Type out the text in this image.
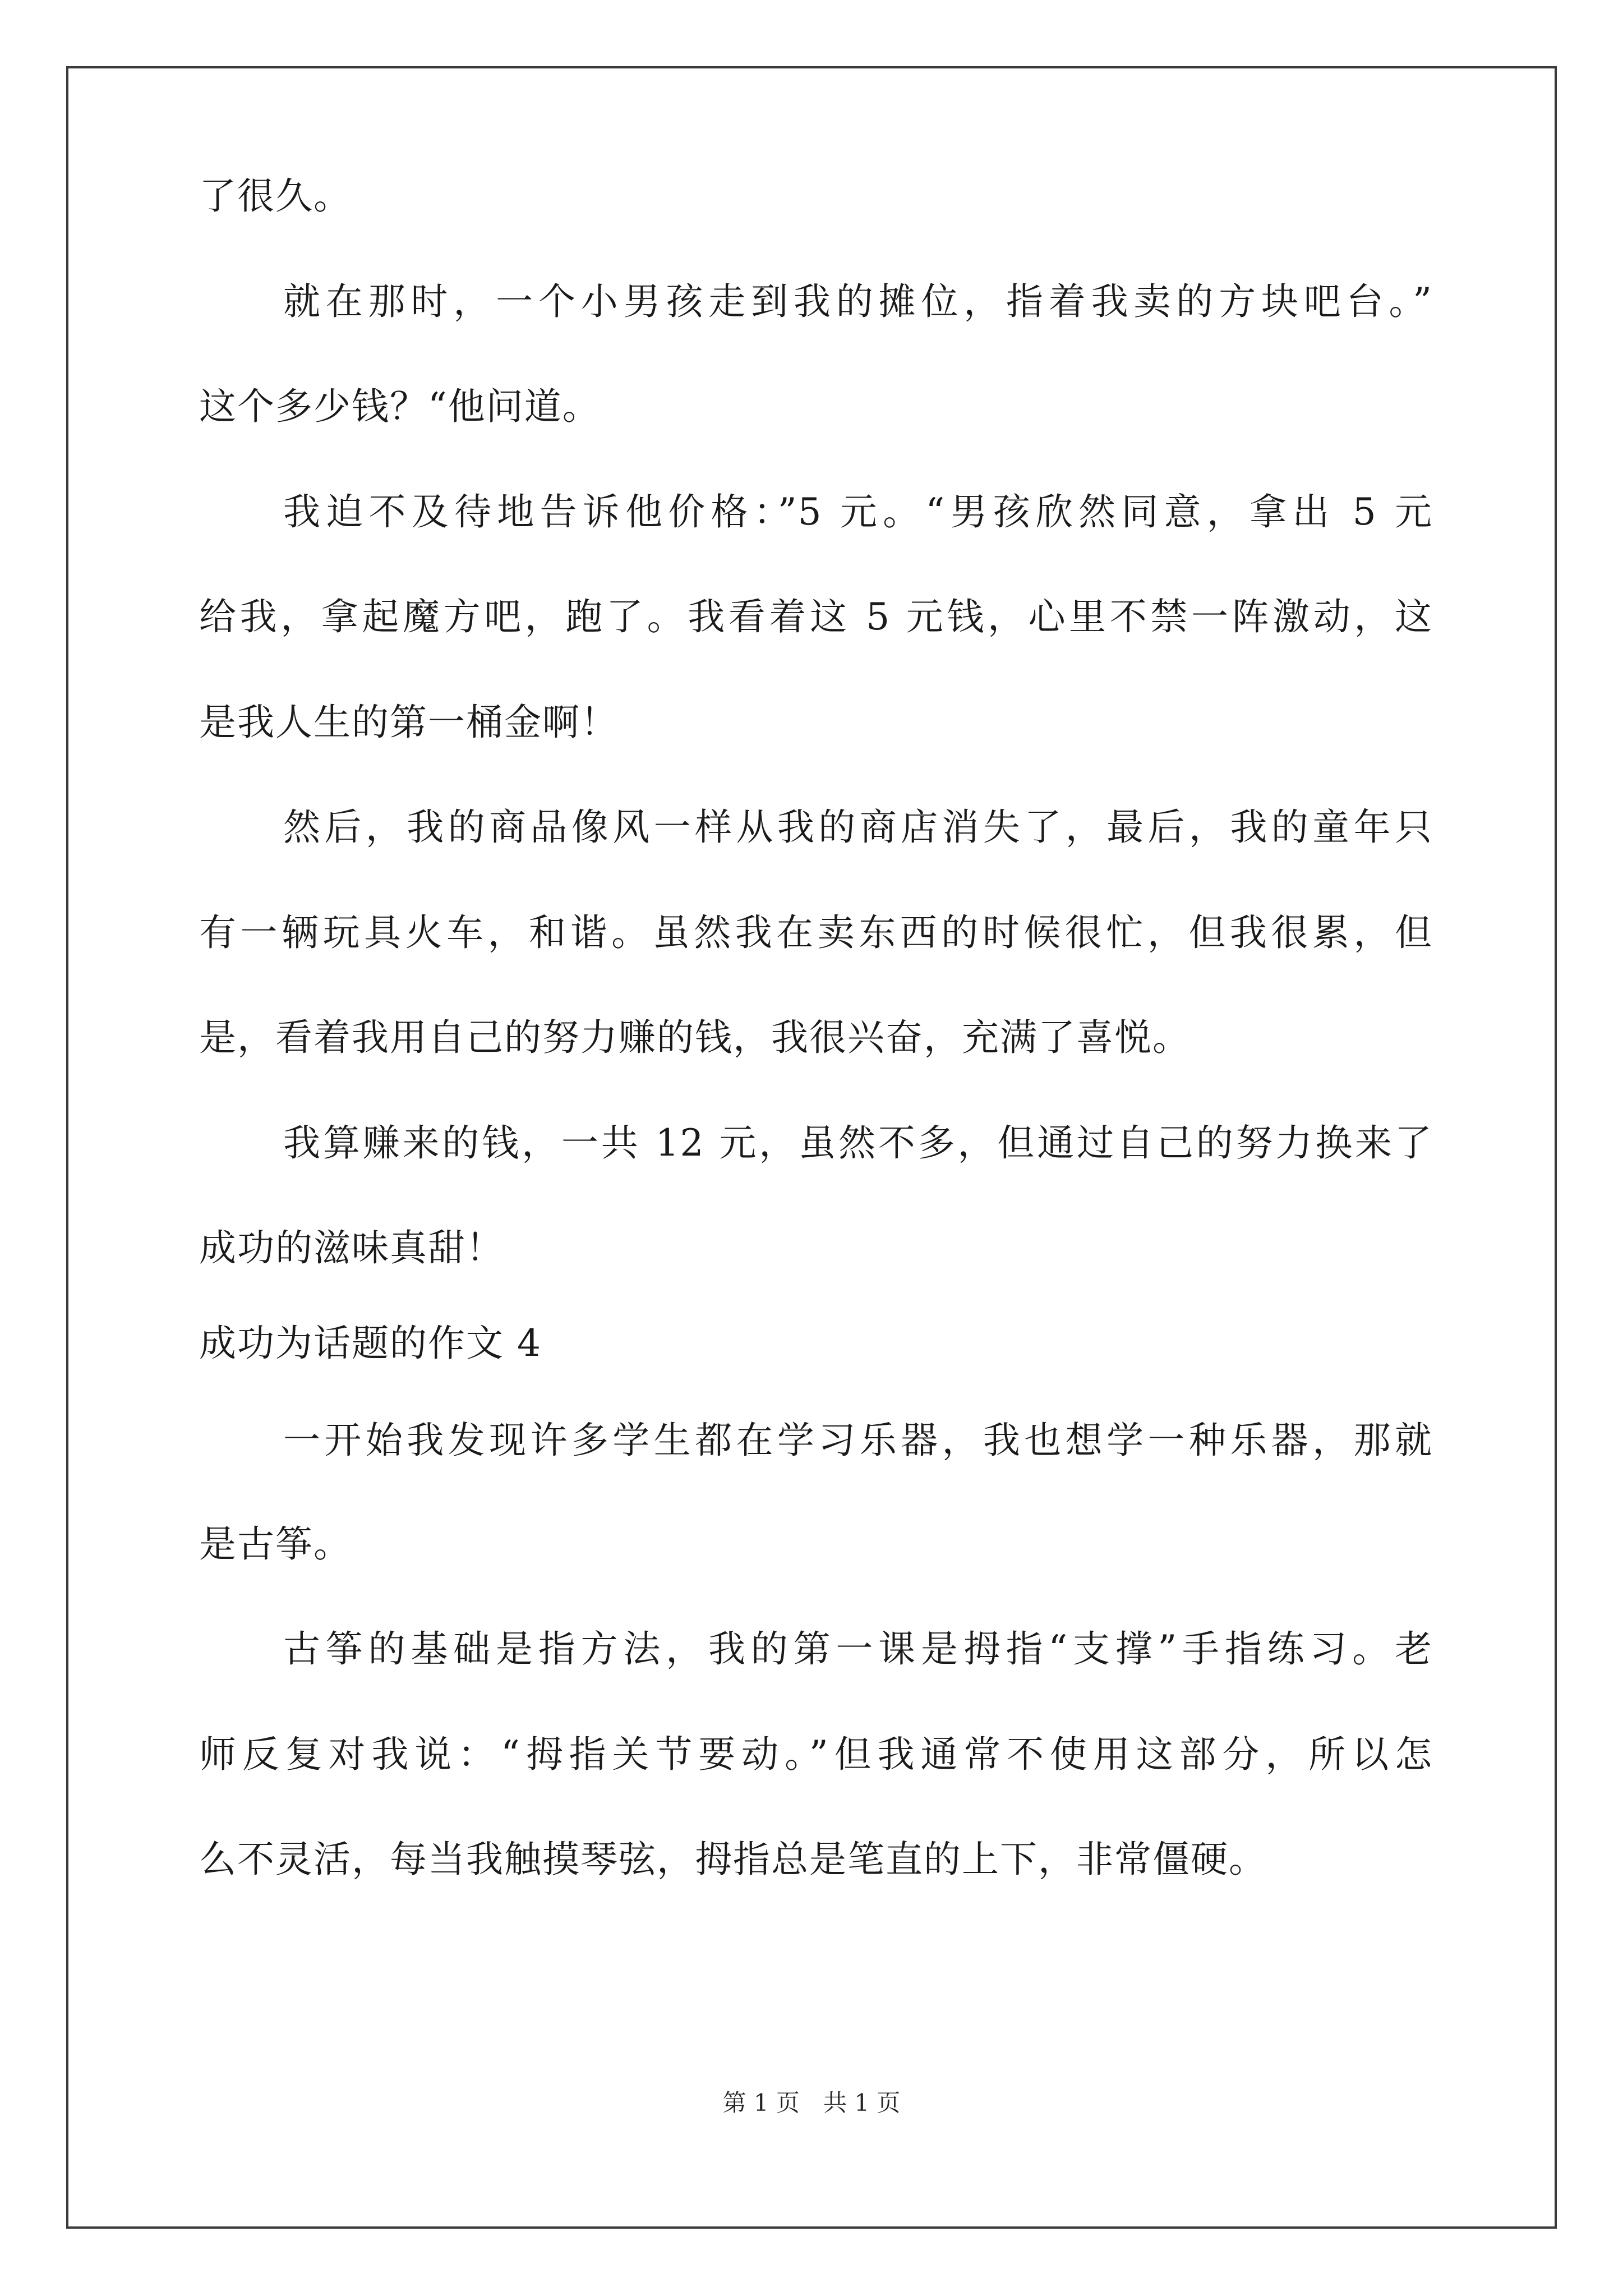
了很久。
就在那时，一个小男孩走到我的摊位，指着我卖的方块吧台。”
这个多少钱？“他问道。
我迫不及待地告诉他价格：”5 元。“男孩欣然同意，拿出 5 元
给我，拿起魔方吧，跑了。我看着这 5 元钱，心里不禁一阵激动，这
是我人生的第一桶金啊！
然后，我的商品像风一样从我的商店消失了，最后，我的童年只
有一辆玩具火车，和谐。虽然我在卖东西的时候很忙，但我很累，但
是，看着我用自己的努力赚的钱，我很兴奋，充满了喜悦。
我算赚来的钱，一共 12 元，虽然不多，但通过自己的努力换来了
成功的滋味真甜！
成功为话题的作文 4
一开始我发现许多学生都在学习乐器，我也想学一种乐器，那就
是古筝。
古筝的基础是指方法，我的第一课是拇指“支撑”手指练习。老
师反复对我说：“拇指关节要动。”但我通常不使用这部分，所以怎
么不灵活，每当我触摸琴弦，拇指总是笔直的上下，非常僵硬。
第 1 页　共 1 页
